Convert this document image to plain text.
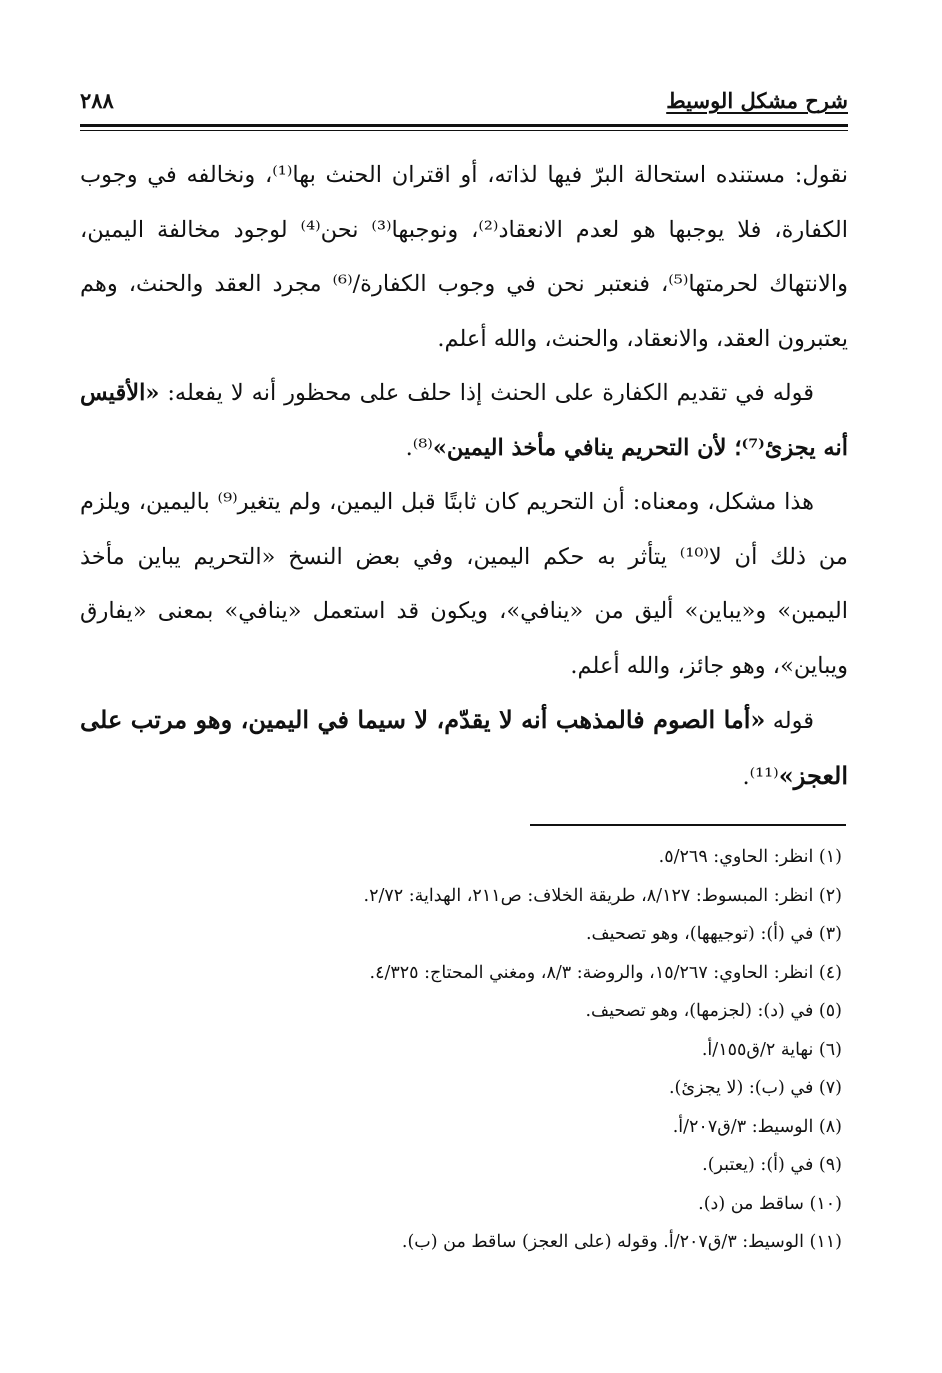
شرح مشكل الوسيط
٢٨٨

نقول: مستنده استحالة البرّ فيها لذاته، أو اقتران الحنث بها⁽¹⁾، ونخالفه في وجوب الكفارة، فلا يوجبها هو لعدم الانعقاد⁽²⁾، ونوجبها⁽³⁾ نحن⁽⁴⁾ لوجود مخالفة اليمين، والانتهاك لحرمتها⁽⁵⁾، فنعتبر نحن في وجوب الكفارة/⁽⁶⁾ مجرد العقد والحنث، وهم يعتبرون العقد، والانعقاد، والحنث، والله أعلم.

قوله في تقديم الكفارة على الحنث إذا حلف على محظور أنه لا يفعله: «الأقيس أنه يجزئ⁽⁷⁾؛ لأن التحريم ينافي مأخذ اليمين»⁽⁸⁾.

هذا مشكل، ومعناه: أن التحريم كان ثابتًا قبل اليمين، ولم يتغير⁽⁹⁾ باليمين، ويلزم من ذلك أن لا⁽¹⁰⁾ يتأثر به حكم اليمين، وفي بعض النسخ «التحريم يباين مأخذ اليمين» و«يباين» أليق من «ينافي»، ويكون قد استعمل «ينافي» بمعنى «يفارق ويباين»، وهو جائز، والله أعلم.

قوله «أما الصوم فالمذهب أنه لا يقدّم، لا سيما في اليمين، وهو مرتب على العجز»⁽¹¹⁾.

(١) انظر: الحاوي: ٥/٢٦٩.
(٢) انظر: المبسوط: ٨/١٢٧، طريقة الخلاف: ص٢١١، الهداية: ٢/٧٢.
(٣) في (أ): (توجيهها)، وهو تصحيف.
(٤) انظر: الحاوي: ١٥/٢٦٧، والروضة: ٨/٣، ومغني المحتاج: ٤/٣٢٥.
(٥) في (د): (لجزمها)، وهو تصحيف.
(٦) نهاية ٢/ق١٥٥/أ.
(٧) في (ب): (لا يجزئ).
(٨) الوسيط: ٣/ق٢٠٧/أ.
(٩) في (أ): (يعتبر).
(١٠) ساقط من (د).
(١١) الوسيط: ٣/ق٢٠٧/أ. وقوله (على العجز) ساقط من (ب).
